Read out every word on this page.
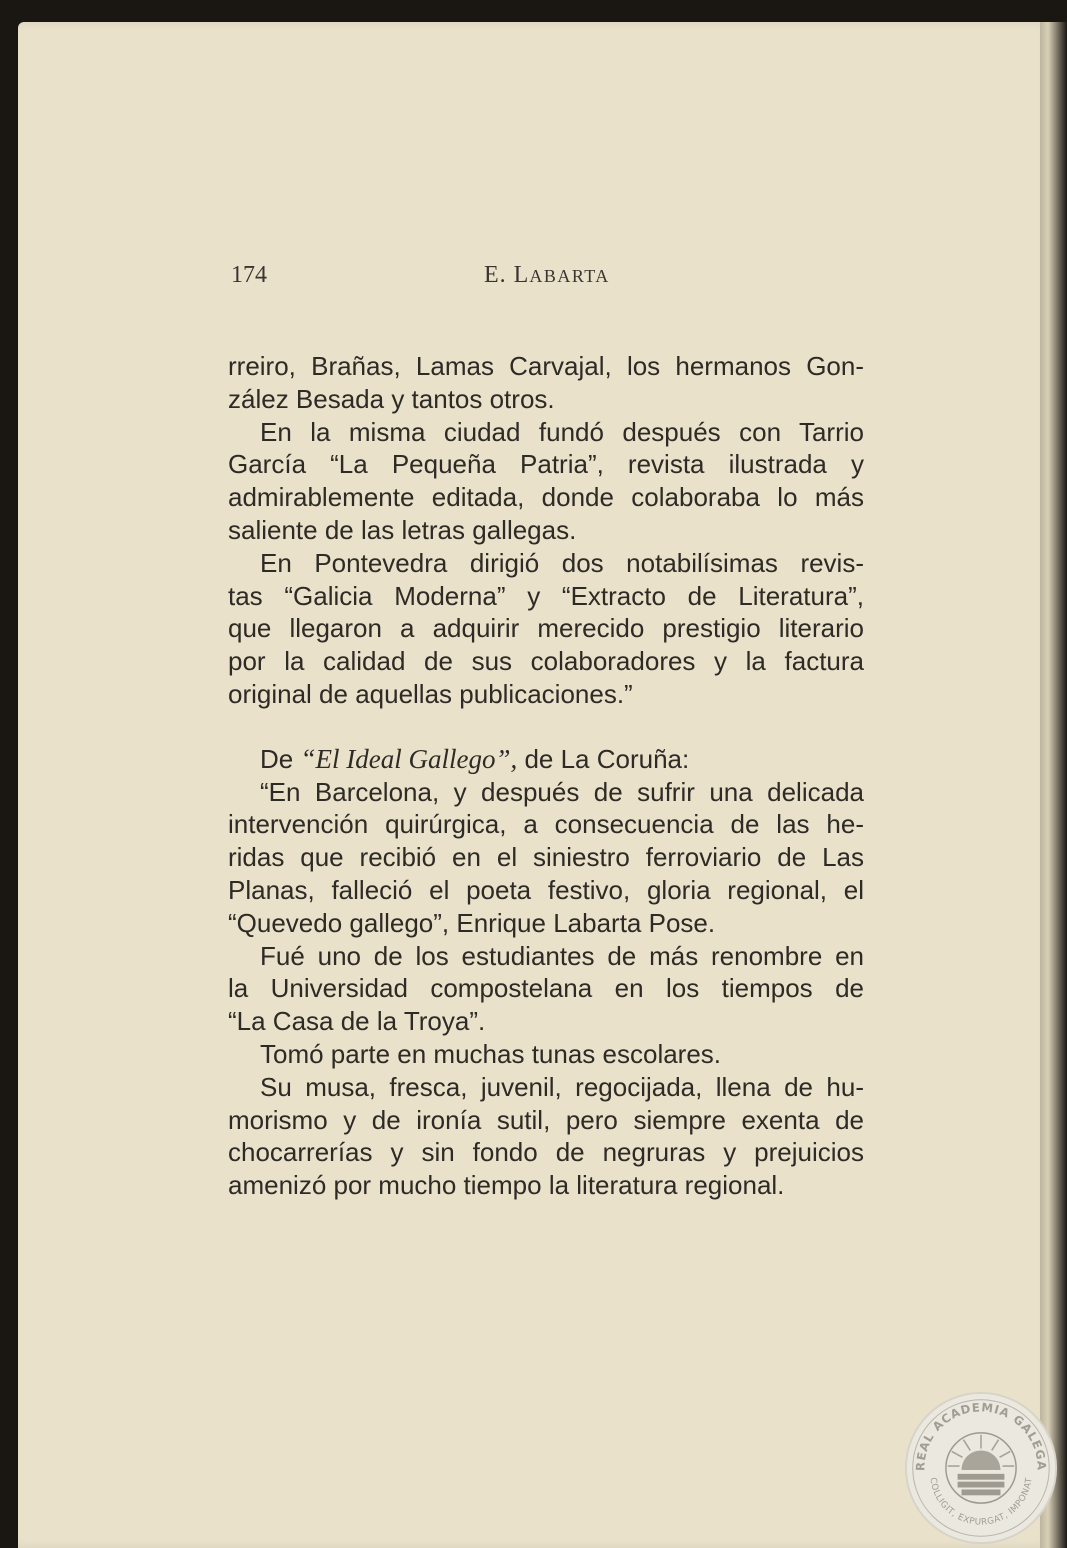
174	E. LABARTA
rreiro, Brañas, Lamas Carvajal, los hermanos Gon-
zález Besada y tantos otros.
En la misma ciudad fundó después con Tarrio
García “La Pequeña Patria”, revista ilustrada y
admirablemente editada, donde colaboraba lo más
saliente de las letras gallegas.
En Pontevedra dirigió dos notabilísimas revis-
tas “Galicia Moderna” y “Extracto de Literatura”,
que llegaron a adquirir merecido prestigio literario
por la calidad de sus colaboradores y la factura
original de aquellas publicaciones.”
De “El Ideal Gallego”, de La Coruña:
“En Barcelona, y después de sufrir una delicada
intervención quirúrgica, a consecuencia de las he-
ridas que recibió en el siniestro ferroviario de Las
Planas, falleció el poeta festivo, gloria regional, el
“Quevedo gallego”, Enrique Labarta Pose.
Fué uno de los estudiantes de más renombre en
la Universidad compostelana en los tiempos de
“La Casa de la Troya”.
Tomó parte en muchas tunas escolares.
Su musa, fresca, juvenil, regocijada, llena de hu-
morismo y de ironía sutil, pero siempre exenta de
chocarrerías y sin fondo de negruras y prejuicios
amenizó por mucho tiempo la literatura regional.
REAL ACADEMIA GALEGA
COLLIGIT, EXPURGAT, IMPONAT
